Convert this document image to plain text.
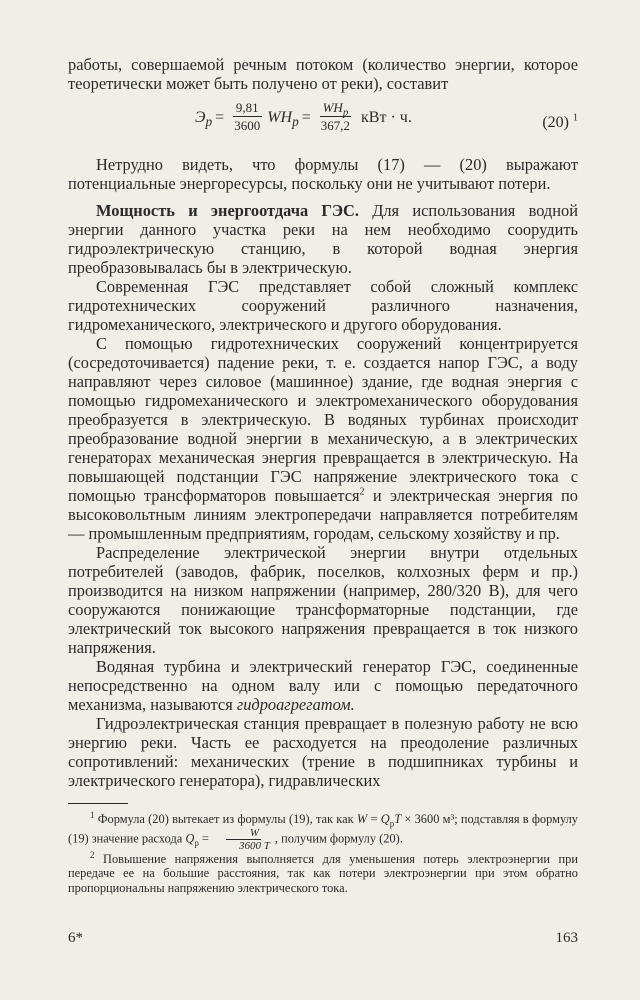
работы, совершаемой речным потоком (количество энергии, которое теоретически может быть получено от реки), составит

$Э_р = \frac{9,81}{3600} WH_р = \frac{WH_р}{367,2}$ кВт · ч.	(20) $^1$

Нетрудно видеть, что формулы (17) — (20) выражают потенциальные энергоресурсы, поскольку они не учитывают потери.

Мощность и энергоотдача ГЭС. Для использования водной энергии данного участка реки на нем необходимо соорудить гидроэлектрическую станцию, в которой водная энергия преобразовывалась бы в электрическую.

Современная ГЭС представляет собой сложный комплекс гидротехнических сооружений различного назначения, гидромеханического, электрического и другого оборудования.

С помощью гидротехнических сооружений концентрируется (сосредоточивается) падение реки, т. е. создается напор ГЭС, а воду направляют через силовое (машинное) здание, где водная энергия с помощью гидромеханического и электромеханического оборудования преобразуется в электрическую. В водяных турбинах происходит преобразование водной энергии в механическую, а в электрических генераторах механическая энергия превращается в электрическую. На повышающей подстанции ГЭС напряжение электрического тока с помощью трансформаторов повышается$^2$ и электрическая энергия по высоковольтным линиям электропередачи направляется потребителям — промышленным предприятиям, городам, сельскому хозяйству и пр.

Распределение электрической энергии внутри отдельных потребителей (заводов, фабрик, поселков, колхозных ферм и пр.) производится на низком напряжении (например, 280/320 В), для чего сооружаются понижающие трансформаторные подстанции, где электрический ток высокого напряжения превращается в ток низкого напряжения.

Водяная турбина и электрический генератор ГЭС, соединенные непосредственно на одном валу или с помощью передаточного механизма, называются гидроагрегатом.

Гидроэлектрическая станция превращает в полезную работу не всю энергию реки. Часть ее расходуется на преодоление различных сопротивлений: механических (трение в подшипниках турбины и электрического генератора), гидравлических

$^1$ Формула (20) вытекает из формулы (19), так как $W = Q_рT \times 3600$ м³; подставляя в формулу (19) значение расхода $Q_р = \frac{W}{3600 T}$ , получим формулу (20).

$^2$ Повышение напряжения выполняется для уменьшения потерь электроэнергии при передаче ее на большие расстояния, так как потери электроэнергии при этом обратно пропорциональны напряжению электрического тока.

6*	163
